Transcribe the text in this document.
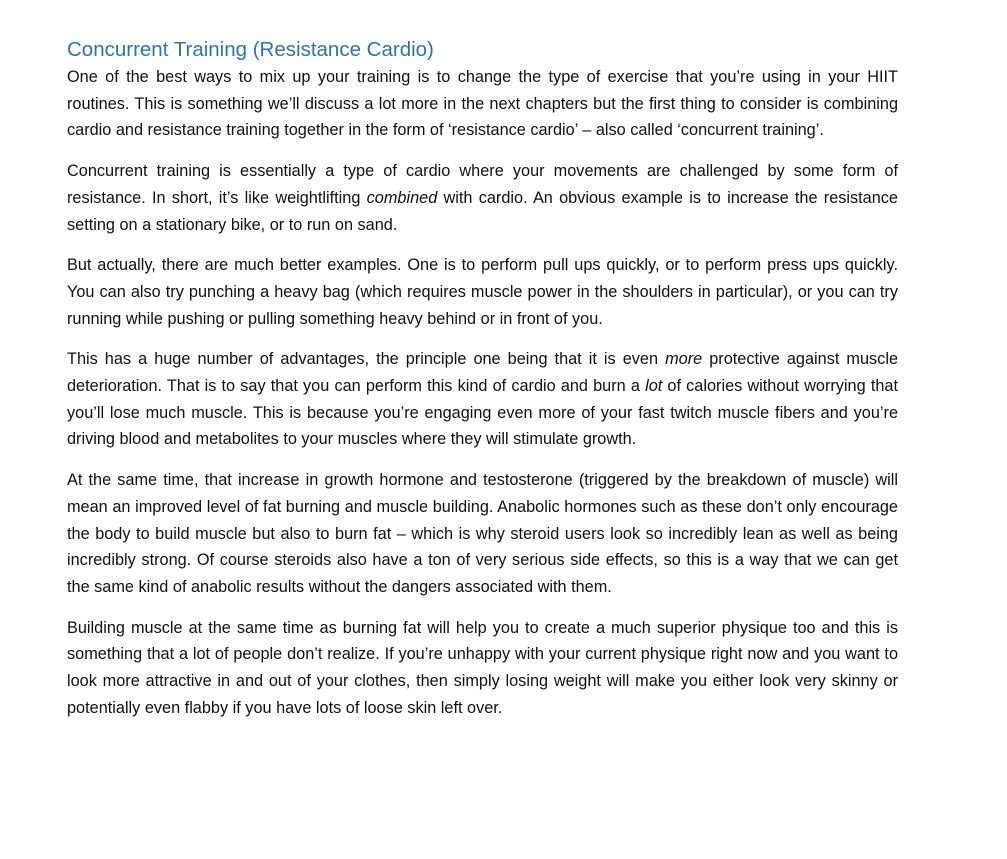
Concurrent Training (Resistance Cardio)

One of the best ways to mix up your training is to change the type of exercise that you’re using in your HIIT routines. This is something we’ll discuss a lot more in the next chapters but the first thing to consider is combining cardio and resistance training together in the form of ‘resistance cardio’ – also called ‘concurrent training’.

Concurrent training is essentially a type of cardio where your movements are challenged by some form of resistance. In short, it’s like weightlifting combined with cardio. An obvious example is to increase the resistance setting on a stationary bike, or to run on sand.

But actually, there are much better examples. One is to perform pull ups quickly, or to perform press ups quickly. You can also try punching a heavy bag (which requires muscle power in the shoulders in particular), or you can try running while pushing or pulling something heavy behind or in front of you.

This has a huge number of advantages, the principle one being that it is even more protective against muscle deterioration. That is to say that you can perform this kind of cardio and burn a lot of calories without worrying that you’ll lose much muscle. This is because you’re engaging even more of your fast twitch muscle fibers and you’re driving blood and metabolites to your muscles where they will stimulate growth.

At the same time, that increase in growth hormone and testosterone (triggered by the breakdown of muscle) will mean an improved level of fat burning and muscle building. Anabolic hormones such as these don’t only encourage the body to build muscle but also to burn fat – which is why steroid users look so incredibly lean as well as being incredibly strong. Of course steroids also have a ton of very serious side effects, so this is a way that we can get the same kind of anabolic results without the dangers associated with them.

Building muscle at the same time as burning fat will help you to create a much superior physique too and this is something that a lot of people don’t realize. If you’re unhappy with your current physique right now and you want to look more attractive in and out of your clothes, then simply losing weight will make you either look very skinny or potentially even flabby if you have lots of loose skin left over.
